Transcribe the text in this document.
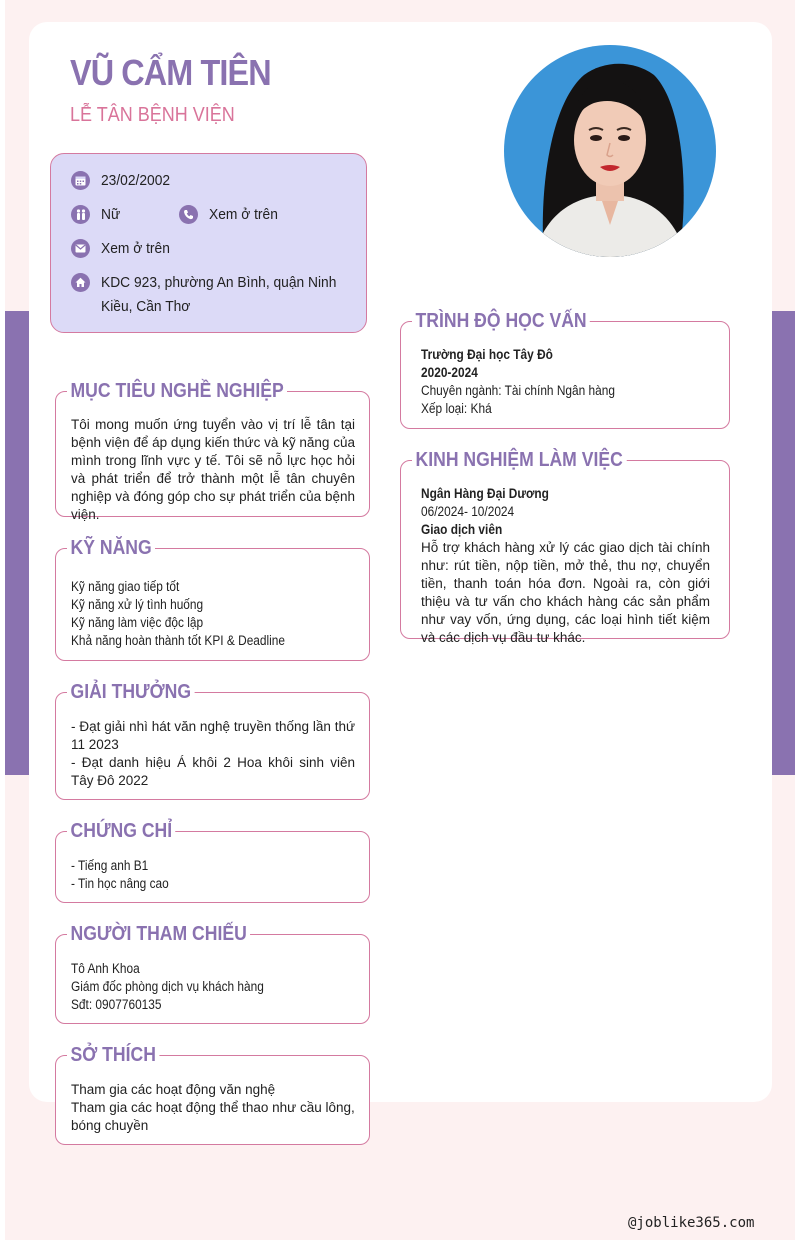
VŨ CẨM TIÊN
LỄ TÂN BỆNH VIỆN
23/02/2002
Nữ	Xem ở trên
Xem ở trên
KDC 923, phường An Bình, quận Ninh
Kiều, Cần Thơ
MỤC TIÊU NGHỀ NGHIỆP
Tôi mong muốn ứng tuyển vào vị trí lễ tân tại bệnh viện để áp dụng kiến thức và kỹ năng của mình trong lĩnh vực y tế. Tôi sẽ nỗ lực học hỏi và phát triển để trở thành một lễ tân chuyên nghiệp và đóng góp cho sự phát triển của bệnh viện.
KỸ NĂNG
Kỹ năng giao tiếp tốt
Kỹ năng xử lý tình huống
Kỹ năng làm việc độc lập
Khả năng hoàn thành tốt KPI & Deadline
GIẢI THƯỞNG
- Đạt giải nhì hát văn nghệ truyền thống lần thứ 11 2023
- Đạt danh hiệu Á khôi 2 Hoa khôi sinh viên Tây Đô 2022
CHỨNG CHỈ
- Tiếng anh B1
- Tin học nâng cao
NGƯỜI THAM CHIẾU
Tô Anh Khoa
Giám đốc phòng dịch vụ khách hàng
Sđt: 0907760135
SỞ THÍCH
Tham gia các hoạt động văn nghệ
Tham gia các hoạt động thể thao như cầu lông, bóng chuyền
TRÌNH ĐỘ HỌC VẤN
Trường Đại học Tây Đô
2020-2024
Chuyên ngành: Tài chính Ngân hàng
Xếp loại: Khá
KINH NGHIỆM LÀM VIỆC
Ngân Hàng Đại Dương
06/2024- 10/2024
Giao dịch viên
Hỗ trợ khách hàng xử lý các giao dịch tài chính như: rút tiền, nộp tiền, mở thẻ, thu nợ, chuyển tiền, thanh toán hóa đơn. Ngoài ra, còn giới thiệu và tư vấn cho khách hàng các sản phẩm như vay vốn, ứng dụng, các loại hình tiết kiệm và các dịch vụ đầu tư khác.
@joblike365.com
